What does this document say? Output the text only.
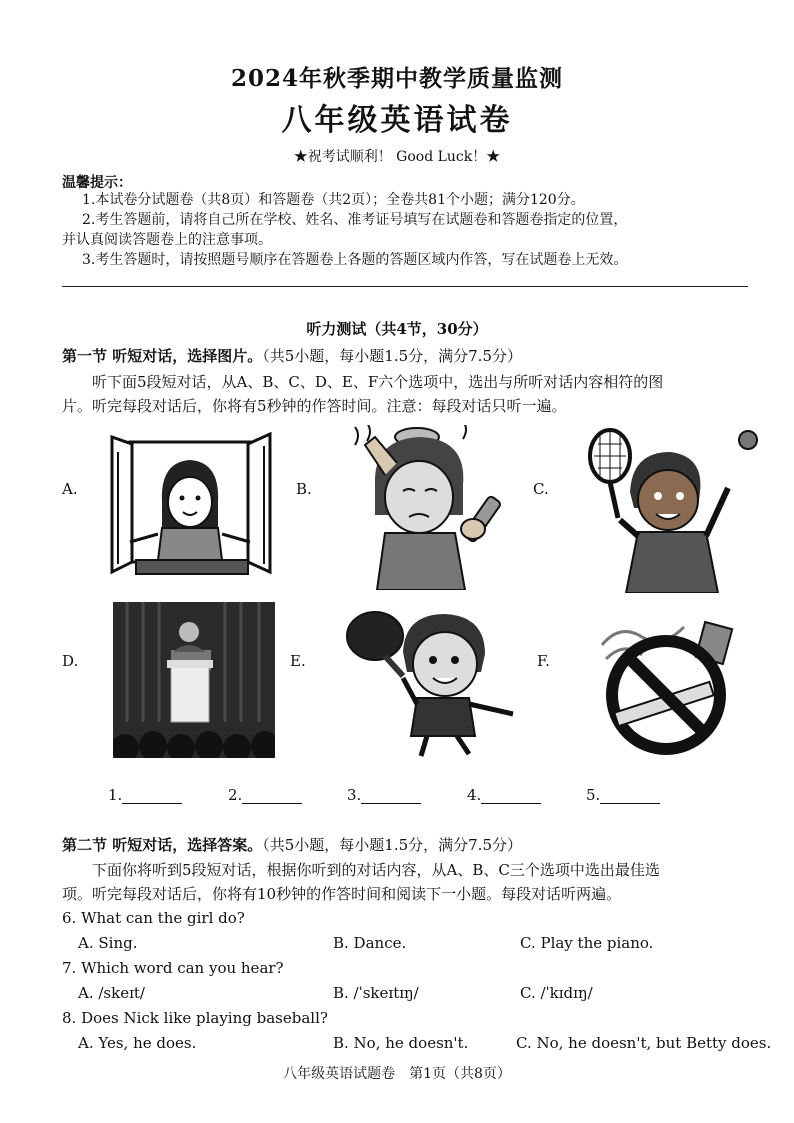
2024年秋季期中教学质量监测
八年级英语试卷
★祝考试顺利！ Good Luck！★
温馨提示：
1.本试卷分试题卷（共8页）和答题卷（共2页）；全卷共81个小题；满分120分。
2.考生答题前，请将自己所在学校、姓名、准考证号填写在试题卷和答题卷指定的位置，
并认真阅读答题卷上的注意事项。
3.考生答题时，请按照题号顺序在答题卷上各题的答题区域内作答，写在试题卷上无效。
听力测试（共4节，30分）
第一节 听短对话，选择图片。（共5小题，每小题1.5分，满分7.5分）
听下面5段短对话，从A、B、C、D、E、F六个选项中，选出与所听对话内容相符的图
片。听完每段对话后，你将有5秒钟的作答时间。注意：每段对话只听一遍。
A.	B.	C.
D.	E.	F.
1.	2.	3.	4.	5.
第二节 听短对话，选择答案。（共5小题，每小题1.5分，满分7.5分）
下面你将听到5段短对话，根据你听到的对话内容，从A、B、C三个选项中选出最佳选
项。听完每段对话后，你将有10秒钟的作答时间和阅读下一小题。每段对话听两遍。
6. What can the girl do?
A. Sing.	B. Dance.	C. Play the piano.
7. Which word can you hear?
A. /skeɪt/	B. /ˈskeɪtɪŋ/	C. /ˈkɪdɪŋ/
8. Does Nick like playing baseball?
A. Yes, he does.	B. No, he doesn't.	C. No, he doesn't, but Betty does.
八年级英语试题卷　第1页（共8页）
